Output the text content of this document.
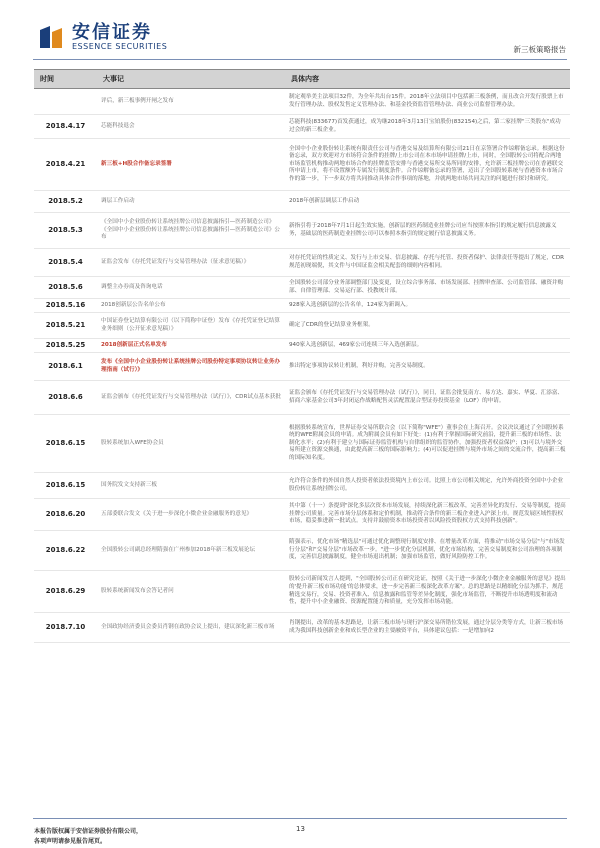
安信证券
ESSENCE SECURITIES	新三板策略报告
时间	大事记	具体内容
	评后，新三板事例开闸之发布	制定观举美主法项目32件，为全年共出台15件。2018年立法项目中包括新三板条例，而且改合开发行股票上市发行管理办法、股权发售定义管理办法、和基金投资监管管理办法、商业公司监督管理办法。
2018.4.17	芯能科技退会	芯能科技(833677)首发获通过，成为继2018年3月13日宝铂股份(832154)之后，第二家挂牌"三类股东"成功过会的新三板企业。
2018.4.21	新三板+H股合作备忘录签署	全国中小企业股份转让系统有限责任公司与香港交易及结算所有限公司21日在京签署合作谅解备忘录。根据这份备忘录，双方欢迎对方市场符合条件的挂牌/上市公司在本市场申请挂牌/上市，同时，全国股转公司将配合两地市场监管机构推动两地市场合作的挂牌监管安排与香港交易所交易所同的安排，允许新三板挂牌公司在香港联交所申请上市，将不设置额外专属发行制度条件。合作谅解备忘录的签署，迈出了全国股转系统与香港资本市场合作的第一步，下一步双方将共同推动具体合作事项的落地，并就两地市场共同关注的问题进行探讨和研究。
2018.5.2	调层工作启动	2018年创新层调层工作启动
2018.5.3	《全国中小企业股份转让系统挂牌公司信息披露指引—医药制造公司》《全国中小企业股份转让系统挂牌公司信息披露指引—医药制造公司》公布	新指引将于2018年7月1日起生效实施，创新层的医药制造业挂牌公司应当按照本指引的规定履行信息披露义务，基础层的医药制造业挂牌公司可以参照本指引的规定履行信息披露义务。
2018.5.4	证监会发布《存托凭证发行与交易管理办法（征求意见稿）》	对存托凭证的性质定义、发行与上市交易、信息披露、存托与托管、投资者保护、法律责任等提出了规定，CDR规范初现端倪，其文件与中国证监会相关配套的细则内容相同。
2018.5.6	调整主办券商及咨询电话	全国股转公司部分业务部调整部门及变更，设立综合事务部、市场发展部、挂牌审查部、公司监管部、融资并购部、自律管理部、交易运行部、投教统计部。
2018.5.16	2018创新层公告名单公布	928家入选创新层的公告名单，124家为新调入。
2018.5.21	中国证券登记结算有限公司（以下简称中证登）发布《存托凭证登记结算业务细则（公开征求意见稿）》	确定了CDR的登记结算业务框架。
2018.5.25	2018创新层正式名单发布	940家入选创新层，469家公司连续三年入选创新层。
2018.6.1	发布《全国中小企业股份转让系统挂牌公司股份特定事项协议转让业务办理指南（试行）》	推出特定事项协议转让机制，利好并购，完善交易制度。
2018.6.6	证监会颁布《存托凭证发行与交易管理办法（试行）》，CDR试点基本获批	证监会颁布《存托凭证发行与交易管理办法（试行）》，同日，证监会批复南方、易方达、嘉实、华夏、汇添富、招商六家基金公司3年封闭运作战略配售灵活配置混合型证券投资基金（LOF）的申请。
2018.6.15	股转系统加入WFE协会员	根据股转系统宣布，世界证券交易所联合会（以下简称"WFE"）董事会在上海召开。会议决议通过了全国股转系统的WFE附属会员的申请。成为附属会员有如下好处：(1)有利于掌握国际研究前沿，提升新三板的市场性、法制化水平；(2)有利于建立与国际证券监管机构与自律组织的监管协作，加强投资者权益保护；(3)可以与境外交易所建立资源交换通，由此提高新三板的国际影响力；(4)可以促进挂牌与境外市场之间的交流合作，提高新三板的国际知名度。
2018.6.15	国务院发文支持新三板	允许符合条件的外国自然人投资者依法投资境内上市公司。比照上市公司相关规定，允许外商投资全国中小企业股份转让系统挂牌公司。
2018.6.20	五部委联合发文《关于进一步深化小微企业金融服务的意见》	其中第（十一）条提到"深化多层次资本市场发展，持续深化新三板改革，完善差异化的发行、交易等制度，提高挂牌公司质量。完善市场分层体系和定价机制，推动符合条件的新三板企业进入沪深上市。规范发展区域性股权市场，稳妥推进新一批试点。支持并鼓励资本市场投资者以风险投资股权方式支持科技创新"。
2018.6.22	全国股转公司副总经理隋强在广州参加2018年新三板发展论坛	隋强表示，优化市场"精选层"可通过优化调整现行制度安排、在增量改革方面，将推动"市场交易分层"与"市场发行分层"和"交易分层"市场改革一步。"进一步优化分层机制，优化市场结构，完善交易制度和公司治理的各项制度，完善信息披露制度，健全市场退出机制；加强市场监管，做好风险防控工作。
2018.6.29	股转系统新闻发布会答记者问	股转公司新闻发言人提到，"全国股转公司正在研究论证，按照《关于进一步深化小微企业金融服务的意见》提出的'提升新三板市场功能'的总体要求，进一步完善新三板深化改革方案"。总的思路是以精细化分层为抓手，规范精选交易行，交易、投资者准入、信息披露和监管等差异化制度，强化市场监管，不断提升市场透明度和流动性，提升中小企业融资、资源配置能力和质量，充分发挥市场功能。
2018.7.10	全国政协经济委员会委员肖钢在政协会议上提出，建议深化新三板市场	肖钢提出，改革的基本思路是，让新三板市场与现行沪深交易所错位发展，通过分层分类等方式，让新三板市场成为我国科技创新企业和成长型企业的主要融资平台，具体建议包括：一是增加向2
本报告版权属于安信证券股份有限公司，
各项声明请参见报告尾页。
13
